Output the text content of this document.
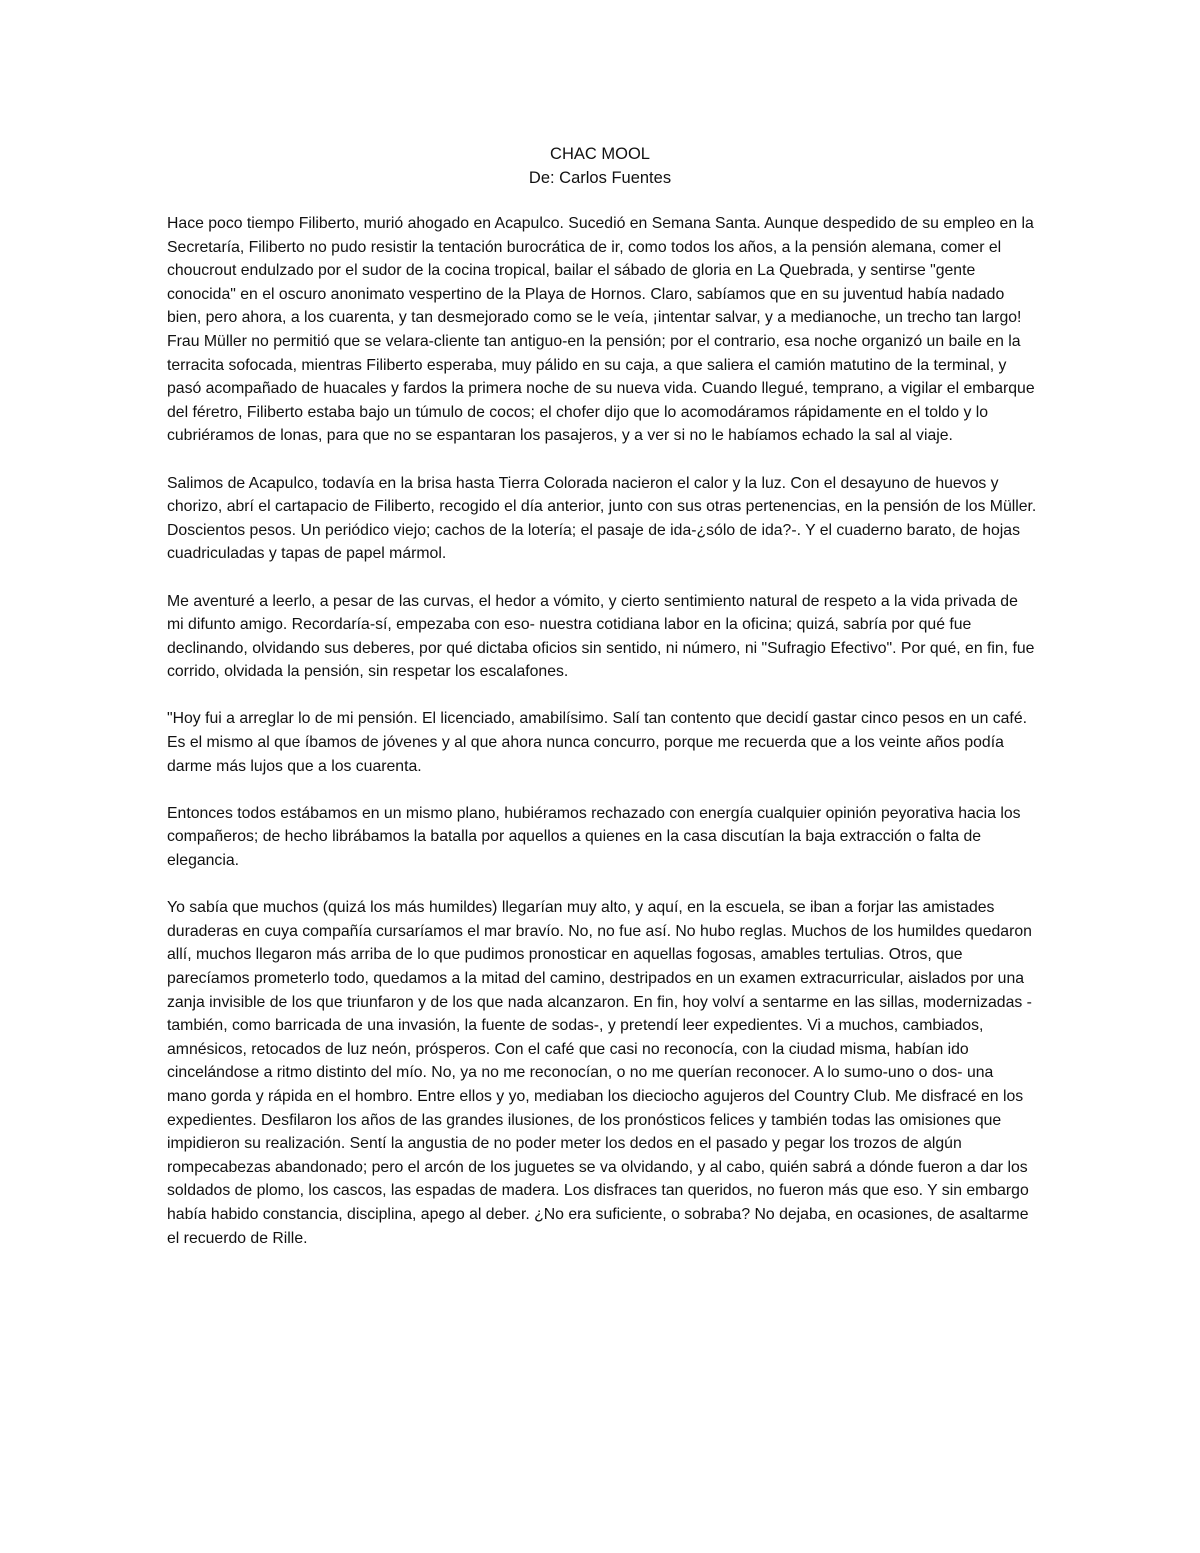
CHAC MOOL
De: Carlos Fuentes

Hace poco tiempo Filiberto, murió ahogado en Acapulco. Sucedió en Semana Santa. Aunque despedido de su empleo en la Secretaría, Filiberto no pudo resistir la tentación burocrática de ir, como todos los años, a la pensión alemana, comer el choucrout endulzado por el sudor de la cocina tropical, bailar el sábado de gloria en La Quebrada, y sentirse "gente conocida" en el oscuro anonimato vespertino de la Playa de Hornos. Claro, sabíamos que en su juventud había nadado bien, pero ahora, a los cuarenta, y tan desmejorado como se le veía, ¡intentar salvar, y a medianoche, un trecho tan largo! Frau Müller no permitió que se velara-cliente tan antiguo-en la pensión; por el contrario, esa noche organizó un baile en la terracita sofocada, mientras Filiberto esperaba, muy pálido en su caja, a que saliera el camión matutino de la terminal, y pasó acompañado de huacales y fardos la primera noche de su nueva vida. Cuando llegué, temprano, a vigilar el embarque del féretro, Filiberto estaba bajo un túmulo de cocos; el chofer dijo que lo acomodáramos rápidamente en el toldo y lo cubriéramos de lonas, para que no se espantaran los pasajeros, y a ver si no le habíamos echado la sal al viaje.

Salimos de Acapulco, todavía en la brisa hasta Tierra Colorada nacieron el calor y la luz. Con el desayuno de huevos y chorizo, abrí el cartapacio de Filiberto, recogido el día anterior, junto con sus otras pertenencias, en la pensión de los Müller. Doscientos pesos. Un periódico viejo; cachos de la lotería; el pasaje de ida-¿sólo de ida?-. Y el cuaderno barato, de hojas cuadriculadas y tapas de papel mármol.

Me aventuré a leerlo, a pesar de las curvas, el hedor a vómito, y cierto sentimiento natural de respeto a la vida privada de mi difunto amigo. Recordaría-sí, empezaba con eso- nuestra cotidiana labor en la oficina; quizá, sabría por qué fue declinando, olvidando sus deberes, por qué dictaba oficios sin sentido, ni número, ni "Sufragio Efectivo". Por qué, en fin, fue corrido, olvidada la pensión, sin respetar los escalafones.

"Hoy fui a arreglar lo de mi pensión. El licenciado, amabilísimo. Salí tan contento que decidí gastar cinco pesos en un café. Es el mismo al que íbamos de jóvenes y al que ahora nunca concurro, porque me recuerda que a los veinte años podía darme más lujos que a los cuarenta.

Entonces todos estábamos en un mismo plano, hubiéramos rechazado con energía cualquier opinión peyorativa hacia los compañeros; de hecho librábamos la batalla por aquellos a quienes en la casa discutían la baja extracción o falta de elegancia.

Yo sabía que muchos (quizá los más humildes) llegarían muy alto, y aquí, en la escuela, se iban a forjar las amistades duraderas en cuya compañía cursaríamos el mar bravío. No, no fue así. No hubo reglas. Muchos de los humildes quedaron allí, muchos llegaron más arriba de lo que pudimos pronosticar en aquellas fogosas, amables tertulias. Otros, que parecíamos prometerlo todo, quedamos a la mitad del camino, destripados en un examen extracurricular, aislados por una zanja invisible de los que triunfaron y de los que nada alcanzaron. En fin, hoy volví a sentarme en las sillas, modernizadas -también, como barricada de una invasión, la fuente de sodas-, y pretendí leer expedientes. Vi a muchos, cambiados, amnésicos, retocados de luz neón, prósperos. Con el café que casi no reconocía, con la ciudad misma, habían ido cincelándose a ritmo distinto del mío. No, ya no me reconocían, o no me querían reconocer. A lo sumo-uno o dos- una mano gorda y rápida en el hombro. Entre ellos y yo, mediaban los dieciocho agujeros del Country Club. Me disfracé en los expedientes. Desfilaron los años de las grandes ilusiones, de los pronósticos felices y también todas las omisiones que impidieron su realización. Sentí la angustia de no poder meter los dedos en el pasado y pegar los trozos de algún rompecabezas abandonado; pero el arcón de los juguetes se va olvidando, y al cabo, quién sabrá a dónde fueron a dar los soldados de plomo, los cascos, las espadas de madera. Los disfraces tan queridos, no fueron más que eso. Y sin embargo había habido constancia, disciplina, apego al deber. ¿No era suficiente, o sobraba? No dejaba, en ocasiones, de asaltarme el recuerdo de Rille.
